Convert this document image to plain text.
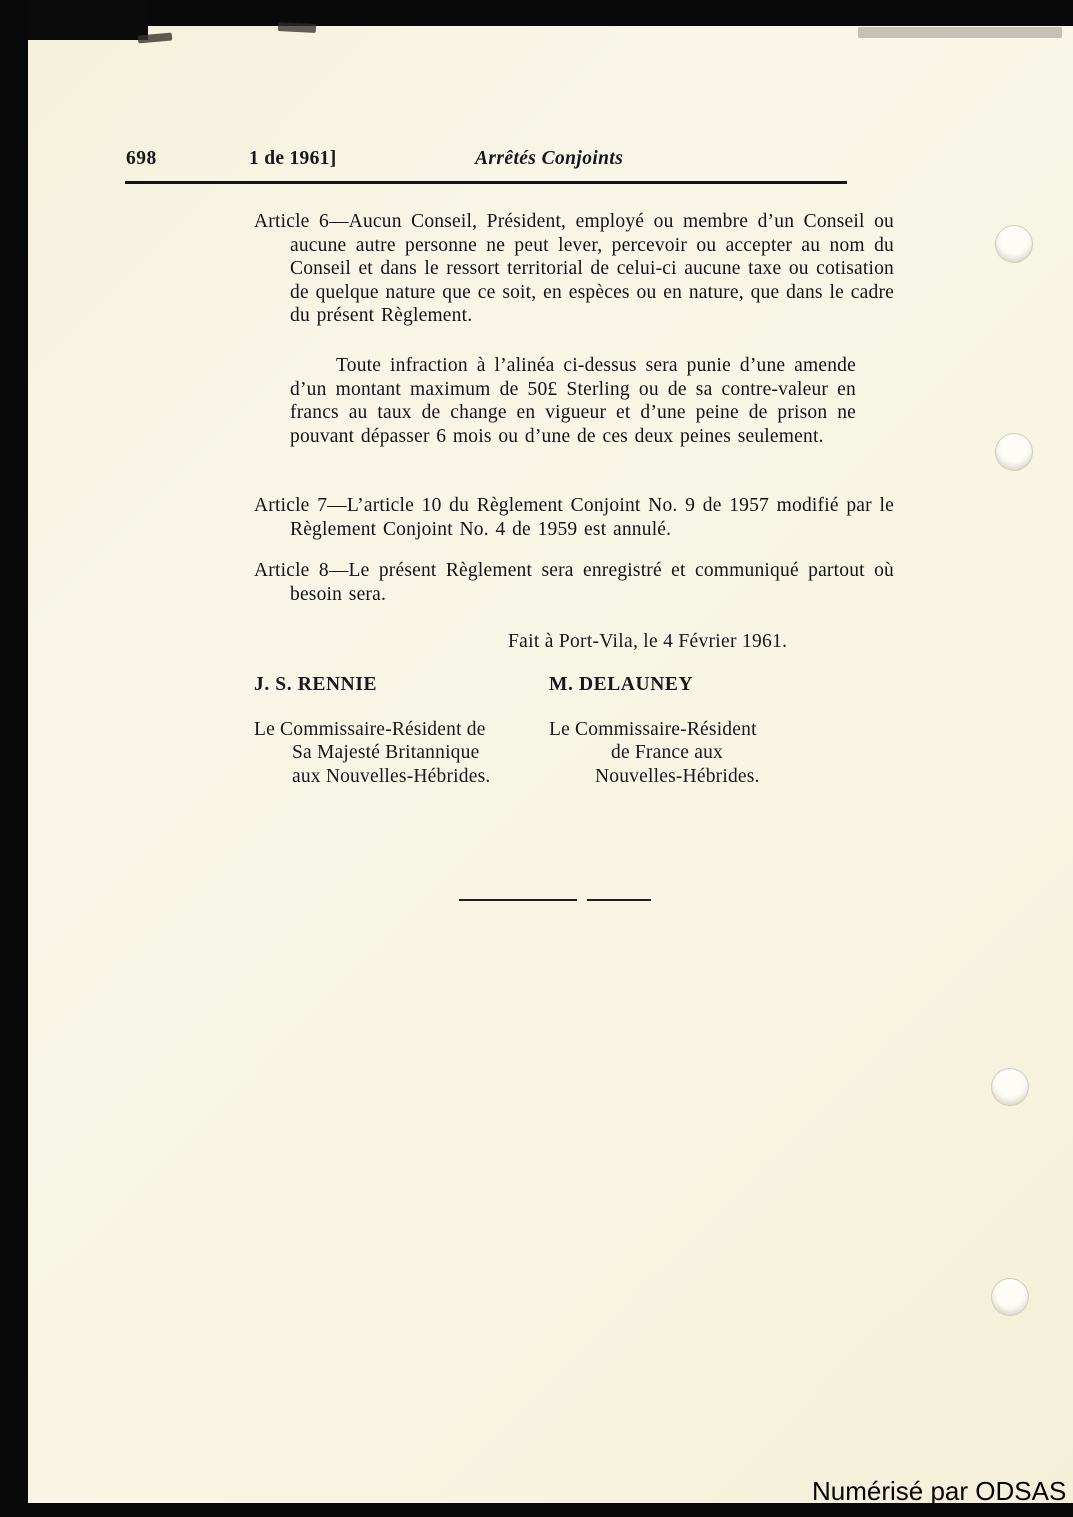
698	1 de 1961]	Arrêtés Conjoints
Article 6—Aucun Conseil, Président, employé ou membre d’un Conseil ou aucune autre personne ne peut lever, percevoir ou accepter au nom du Conseil et dans le ressort territorial de celui-ci aucune taxe ou cotisation de quelque nature que ce soit, en espèces ou en nature, que dans le cadre du présent Règlement.
Toute infraction à l’alinéa ci-dessus sera punie d’une amende d’un montant maximum de 50£ Sterling ou de sa contre-valeur en francs au taux de change en vigueur et d’une peine de prison ne pouvant dépasser 6 mois ou d’une de ces deux peines seulement.
Article 7—L’article 10 du Règlement Conjoint No. 9 de 1957 modifié par le Règlement Conjoint No. 4 de 1959 est annulé.
Article 8—Le présent Règlement sera enregistré et communiqué partout où besoin sera.
Fait à Port-Vila, le 4 Février 1961.
J. S. RENNIE	M. DELAUNEY
Le Commissaire-Résident de
Sa Majesté Britannique
aux Nouvelles-Hébrides.
Le Commissaire-Résident
de France aux
Nouvelles-Hébrides.
Numérisé par ODSAS
